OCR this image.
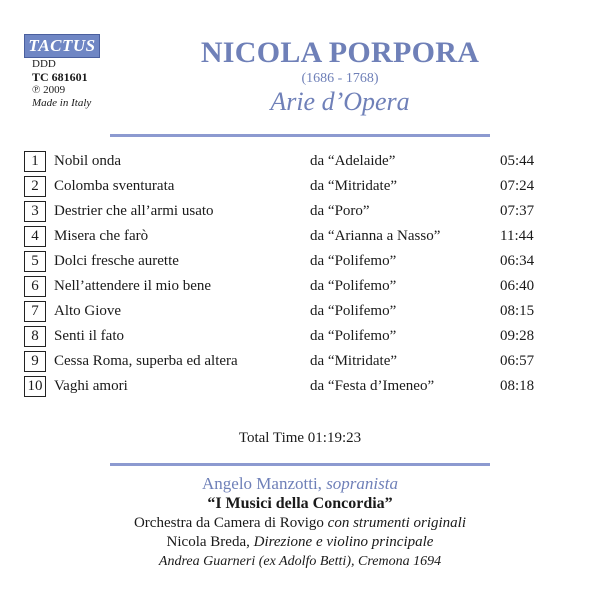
TACTUS
DDD
TC 681601
℗ 2009
Made in Italy
NICOLA PORPORA
(1686 - 1768)
Arie d’Opera
1	Nobil onda	da “Adelaide”	05:44
2	Colomba sventurata	da “Mitridate”	07:24
3	Destrier che all’armi usato	da “Poro”	07:37
4	Misera che farò	da “Arianna a Nasso”	11:44
5	Dolci fresche aurette	da “Polifemo”	06:34
6	Nell’attendere il mio bene	da “Polifemo”	06:40
7	Alto Giove	da “Polifemo”	08:15
8	Senti il fato	da “Polifemo”	09:28
9	Cessa Roma, superba ed altera	da “Mitridate”	06:57
10 Vaghi amori	da “Festa d’Imeneo”	08:18
Total Time 01:19:23
Angelo Manzotti, sopranista
“I Musici della Concordia”
Orchestra da Camera di Rovigo con strumenti originali
Nicola Breda, Direzione e violino principale
Andrea Guarneri (ex Adolfo Betti), Cremona 1694
